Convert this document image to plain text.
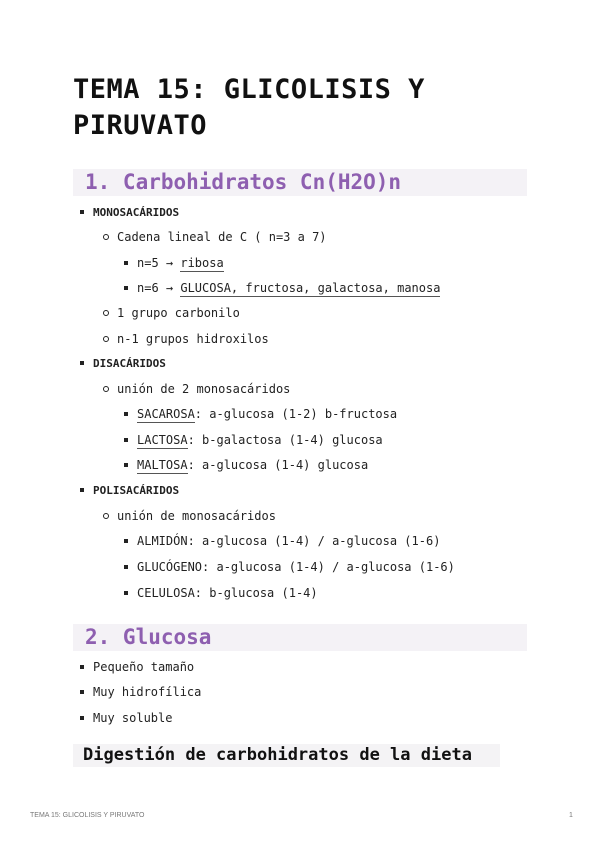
TEMA 15: GLICOLISIS Y PIRUVATO
1. Carbohidratos Cn(H2O)n
MONOSACÁRIDOS
Cadena lineal de C ( n=3 a 7)
n=5 → ribosa
n=6 → GLUCOSA, fructosa, galactosa, manosa
1 grupo carbonilo
n-1 grupos hidroxilos
DISACÁRIDOS
unión de 2 monosacáridos
SACAROSA: a-glucosa (1-2) b-fructosa
LACTOSA: b-galactosa (1-4) glucosa
MALTOSA: a-glucosa (1-4) glucosa
POLISACÁRIDOS
unión de monosacáridos
ALMIDÓN: a-glucosa (1-4) / a-glucosa (1-6)
GLUCÓGENO: a-glucosa (1-4) / a-glucosa (1-6)
CELULOSA: b-glucosa (1-4)
2. Glucosa
Pequeño tamaño
Muy hidrofílica
Muy soluble
Digestión de carbohidratos de la dieta
TEMA 15: GLICOLISIS Y PIRUVATO	1
